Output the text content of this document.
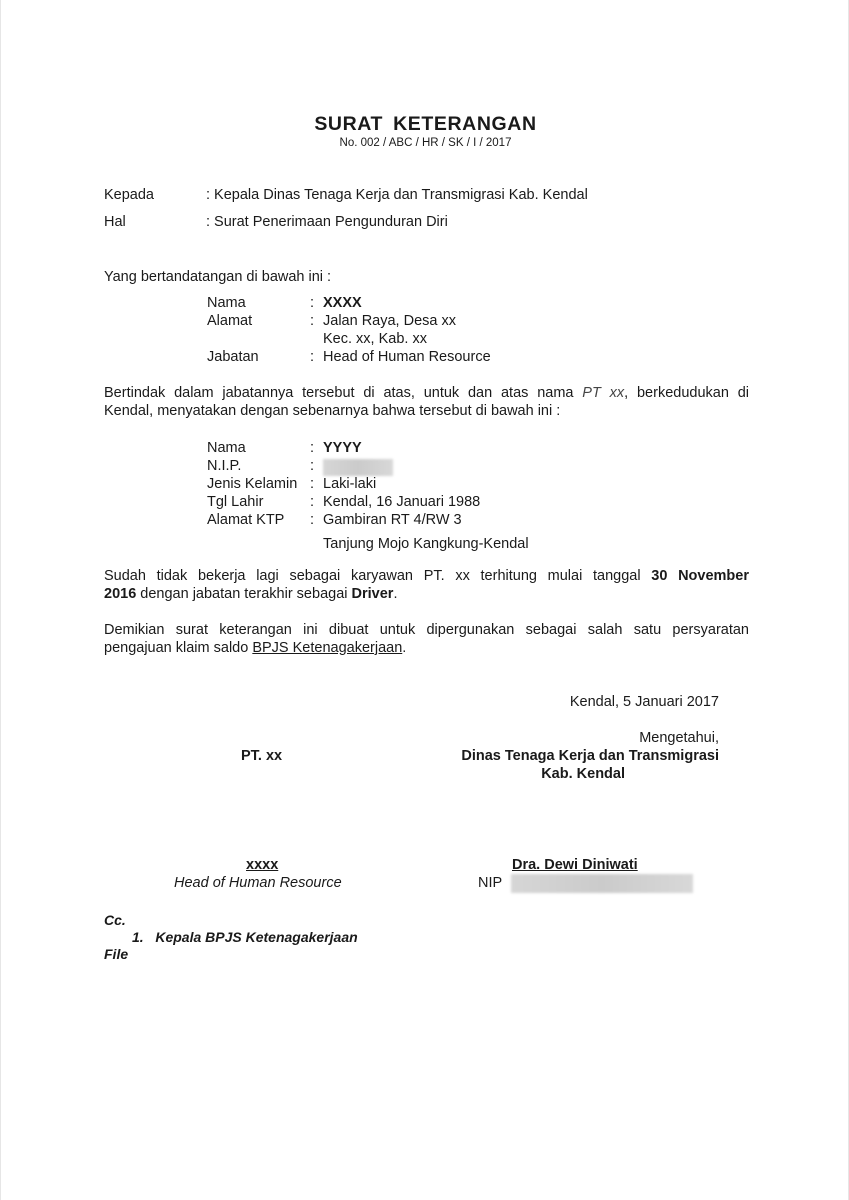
SURAT KETERANGAN
No. 002 / ABC / HR / SK / I / 2017
Kepada	: Kepala Dinas Tenaga Kerja dan Transmigrasi Kab. Kendal
Hal	: Surat Penerimaan Pengunduran Diri
Yang bertandatangan di bawah ini :
Nama	: XXXX
Alamat	: Jalan Raya, Desa xx
Kec. xx, Kab. xx
Jabatan	: Head of Human Resource
Bertindak dalam jabatannya tersebut di atas, untuk dan atas nama PT xx, berkedudukan di
Kendal, menyatakan dengan sebenarnya bahwa tersebut di bawah ini :
Nama	: YYYY
N.I.P.	:
Jenis Kelamin : Laki-laki
Tgl Lahir	: Kendal, 16 Januari 1988
Alamat KTP : Gambiran RT 4/RW 3
Tanjung Mojo Kangkung-Kendal
Sudah tidak bekerja lagi sebagai karyawan PT. xx terhitung mulai tanggal 30 November
2016 dengan jabatan terakhir sebagai Driver.
Demikian surat keterangan ini dibuat untuk dipergunakan sebagai salah satu persyaratan
pengajuan klaim saldo BPJS Ketenagakerjaan.
Kendal, 5 Januari 2017
Mengetahui,
PT. xx	Dinas Tenaga Kerja dan Transmigrasi
Kab. Kendal
xxxx
Head of Human Resource
Dra. Dewi Diniwati
NIP
Cc.
1.   Kepala BPJS Ketenagakerjaan
File
